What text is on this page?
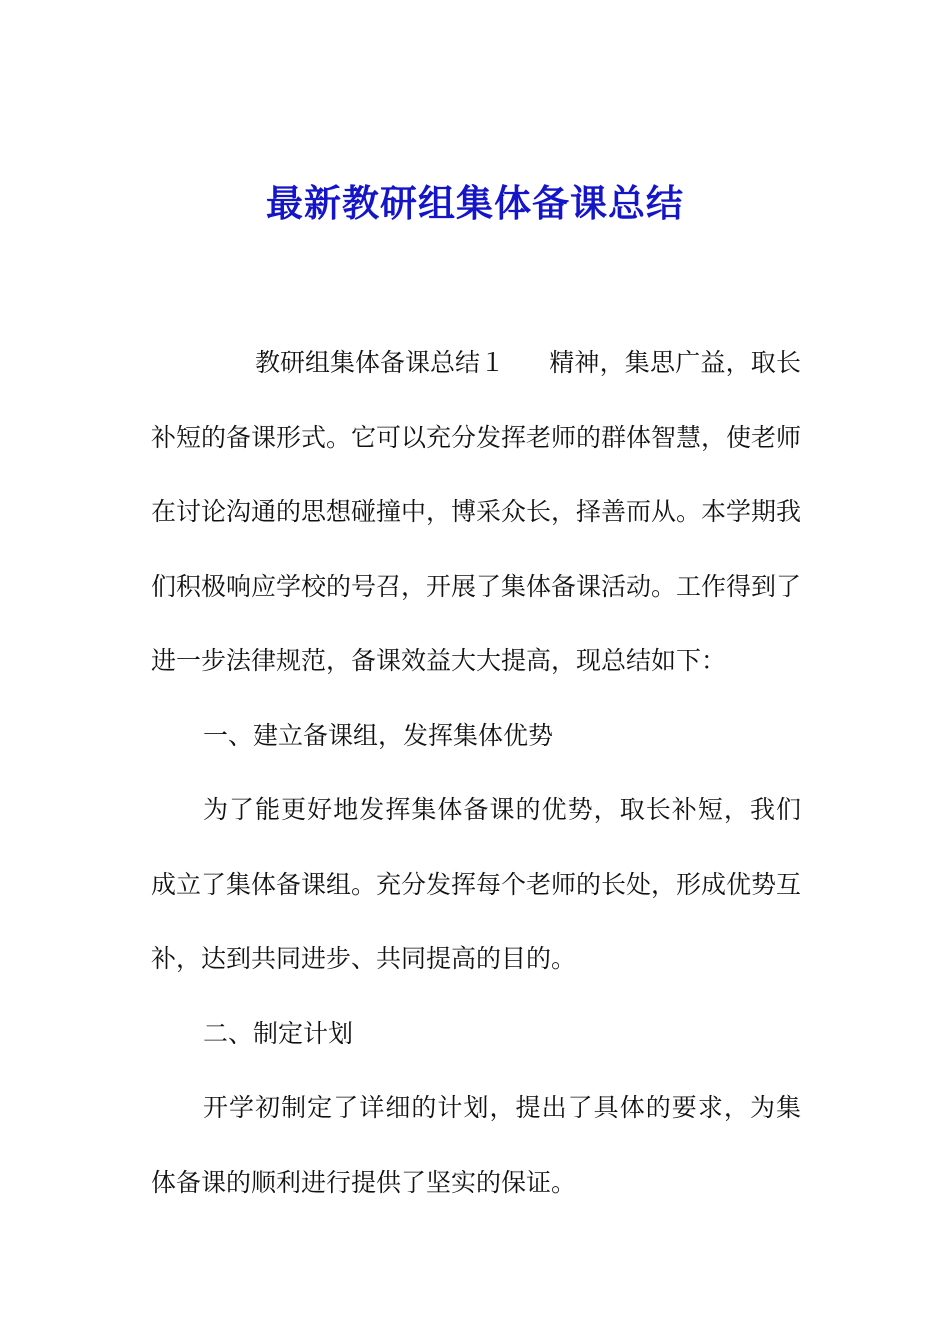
最新教研组集体备课总结

教研组集体备课总结１ 精神，集思广益，取长补短的备课形式。它可以充分发挥老师的群体智慧，使老师在讨论沟通的思想碰撞中，博采众长，择善而从。本学期我们积极响应学校的号召，开展了集体备课活动。工作得到了进一步法律规范，备课效益大大提高，现总结如下：

一、建立备课组，发挥集体优势

为了能更好地发挥集体备课的优势，取长补短，我们成立了集体备课组。充分发挥每个老师的长处，形成优势互补，达到共同进步、共同提高的目的。

二、制定计划

开学初制定了详细的计划，提出了具体的要求，为集体备课的顺利进行提供了坚实的保证。
